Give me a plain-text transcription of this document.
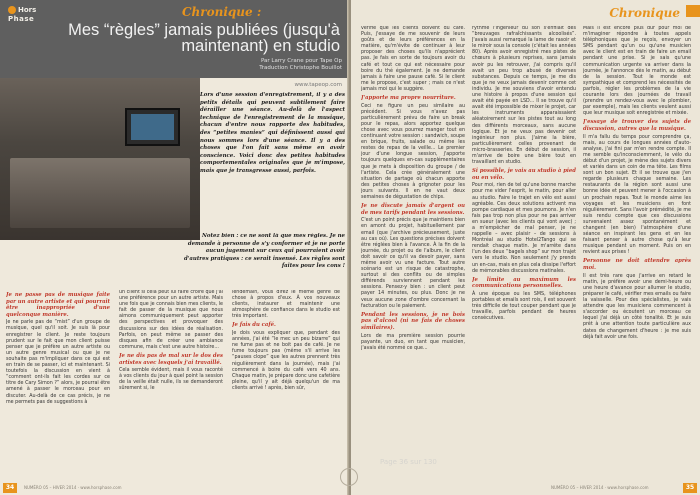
Hors
Phase	Chronique :
Mes “règles” jamais publiées (jusqu'à maintenant) en studio
Par Larry Crane pour Tape Op
Traduction Christophe Bouillot
www.tapeop.com
Lors d'une session d'enregistrement, il y a des petits détails qui peuvent subtilement faire dérailler une séance. Au-delà de l'aspect technique de l'enregistrement de la musique, chacun d'entre nous rapporte des habitudes, des “petites manies” qui définissent aussi qui nous sommes lors d'une séance. Il y a des choses que l'on fait sans même en avoir conscience. Voici donc des petites habitudes comportementales originales que je m'impose, mais que je transgresse aussi, parfois.
Notez bien : ce ne sont là que mes règles. Je ne demande à personne de s'y conformer et je ne porte aucun jugement sur ceux qui pourraient avoir d'autres pratiques : ce serait insensé. Les règles sont faites pour les cons !
Je ne passe pas de musique faite par un autre artiste et qui pourrait être inappropriée d'une quelconque manière.
Je ne parle pas de “mist” d'un groupe de musique, quel qu'il soit. Je suis là pour enregistrer le client. Je reste toujours prudent sur le fait que mon client puisse penser que je préfère un autre artiste ou un autre genre musical ou que je ne souhaite pas m'impliquer dans ce qui est en train de se passer, ici et maintenant. Si toutefois la discussion en vient à “comment ont-ils fait les cordes sur ce titre de Cary Simon ?” alors, je pourrai être amené à passer le morceau pour en discuter. Au-delà de ce cas précis, je ne me permets pas de suggestions à
un client si cela peut lui faire croire que j'ai une préférence pour un autre artiste. Mais une fois que je connais bien mes clients, le fait de passer de la musique que nous aimons communiquement peut apporter des perspectives et provoquer des discussions sur des idées de réalisation. Parfois, on peut même se passer des disques afin de créer une ambiance commune, mais c'est une autre histoire...
Je ne dis pas de mal sur le dos des artistes avec lesquels j'ai travaillé.
Cela semble évident, mais il vous raconté à vos clients du jour à quel point la session de la veille était nulle, ils se demanderont sûrement si, le
lendemain, vous direz le même genre de chose à propos d'eux. À vos nouveaux clients, instaurer et maintenir une atmosphère de confiance dans le studio est très important.
Je fais du café.
Je dois vous expliquer que, pendant des années, j'ai été “le mec un peu bizarre” qui ne fume pas et ne boit pas de café. Je ne fume toujours pas (même s'il arrive les “pauses clope” que les autres prennent très régulièrement dans la journée), mais j'ai commencé à boire du café vers 40 ans. Chaque matin, je prépare donc une cafetière pleine, qu'il y ait déjà quelqu'un de ma clients arrivé ! après, bien sûr,
34	NUMÉRO 05 – HIVER 2014 · www.horsphase.com
Chronique
vérifié que les clients boivent du café. Puis, j'essaye de me souvenir de leurs goûts et de leurs préférences en la matière, qu'm'évite de continuer à leur proposer des choses qu'ils n'apprécient pas. Je fais en sorte de toujours avoir du café et tout ce qui est nécessaire pour boire du thé également. Je ne demande jamais à faire une pause café. Si le client me le propose, c'est super ; mais ce n'est jamais moi qui le suggère.
J'apporte ma propre nourriture.
Ceci ne figure un peu similaire au précédent. Si vous n'avez pas particulièrement prévu de faire un break pour le repas, alors apportez quelque chose avec vous pourrez manger tout en continuant votre session : sandwich, soupe en brique, fruits, salade ou même les restes de repas de la veille... Le premier jour d'une longue session, j'apporte toujours quelques en-cas supplémentaires que je mets à disposition du groupe / de l'artiste. Cela crée généralement une situation de partage où chacun apporte des petites choses à grignoter pour les jours suivants. Il en ne vaut deux semaines de dégustation de chips.
Je ne discute jamais d'argent ou de mes tarifs pendant les sessions.
C'est un point précis que je maintiens bien en amont du projet, habituellement par email (que j'archive précieusement, juste au cas où). Les questions précises doivent être réglées bien à l'avance. À la fin de la journée, du projet ou de l'album, le client doit savoir ce qu'il va devoir payer, sans même avoir vu une facture. Tout autre scénario est un risque de catastrophe, surtout si des conflits ou de simples différends surviennent pendant les sessions. Pensez-y bien : un client peut payer 14 minutes, ou plus. Donc je ne veux aucune zone d'ombre concernant la facturation ou le paiement.
Pendant les sessions, je ne bois pas d'alcool (ni ne fais de choses similaires).
Lors de ma première session pourrie payante, un duo, en tant que musicien, j'avais été nommé ce que...
rythme l'ingénieur du son s'enfilait des “breuvages rafraîchissants alcoolisés”. J'avais aussi remarqué la lame de rasoir et le miroir sous la console (c'était les années 80). Après avoir enregistré mes pistes de chœurs à plusieurs reprises, sans jamais avoir pu les retrouver, j'ai compris qu'il avait un peu trop abusé de diverses substances. Depuis ce temps, je me dis que je ne veux jamais devenir comme cet individu. Je me souviens d'avoir entendu une histoire à propos d'une session qui avait été payée en LSD... Il se trouve qu'il avait été impossible de mixer le projet, car les instruments apparaissaient aléatoirement sur les pistes tout au long des différents morceaux, sans aucune logique. Et je ne veux pas devenir cet ingénieur non plus. J'aime la bière, particulièrement celles provenant de micro-brasseries. En début de session, il m'arrive de boire une bière tout en travaillant en studio.
Si possible, je vais au studio à pied ou en vélo.
Pour moi, rien de tel qu'une bonne marche pour me vider l'esprit, le matin, pour aller au studio. Faire le trajet en vélo est aussi agréable. Ces deux solutions activent ma pompe cardiaque et mes poumons. Je n'en fais pas trop non plus pour ne pas arriver en sueur (avec les clients qui vont avec) ; a m'empêcher de mal penser, je ne rappelle – avec plaisir – de sessions à Montréal au studio Hotel2Tango qui se rendait chaque matin. Je m'arrête dans l'un des deux “bagels shop” sur mon trajet vers le studio. Non seulement j'y prends un en-cas, mais en plus cela dissipe l'effort de mémorables discussions matinales.
Je limite au maximum les communications personnelles.
À une époque ou les SMS, téléphones portables et emails sont rois, il est souvent très difficile de tout couper pendant que je travaille, parfois pendant de heures consécutives.
Mais il est encore plus dur pour moi de m'imaginer répondre à toutes appels téléphoniques que je reçois, envoyer un SMS pendant qu'un ou qu'une musicien avec le client est en train de faire un email pendant une prise. Si je sais qu'une communication urgente va arriver dans la journée, je l'annonce dès le matin, au début de la session. Tout le monde est sympathique et comprend les nécessités de parfois, régler les problèmes de la vie courante lors des journées de travail (prendre un rendez-vous avec le plombier, par exemple), mais les clients veulent aussi que leur musique soit enregistrée et mixée.
J'essaye de trouver des sujets de discussion, autres que la musique.
Il m'a fallu du temps pour comprendre ça, mais, au cours de longues années d'auto-analyse, j'ai fini par m'en rendre compte. Il me semble qu'inconsciemment, le vélo du début d'un projet, je mène des sujets divers et variés dans un coin de ma tête. Les films sont un bon sujet. Et il se trouve que j'en regarde plusieurs chaque semaine. Les restaurants de la région sont aussi une bonne idée et peuvent mener à l'occasion à un prochain repas. Tout le monde aime les voyages et les musiciens en font régulièrement. Sans l'avoir prémédité, je me suis rendu compte que ces discussions survenaient assez spontanément et changent (en bien) l'atmosphère d'une séance en inspirant les gens et en les faisant penser à autre chose qu'à leur musique pendant un moment. Puis on en revient aux prises !
Personne ne doit attendre après moi.
Il est très rare que j'arrive en retard le matin, je préfère avoir une demi-heure ou une heure d'avance pour allumer le studio, préparer le café, vérifier mes emails ou faire la vaisselle. Pour des spécialistes, je vais attendre que les musiciens commencent à s'accorder ou écoutent un morceau ce lequel j'ai déjà un côté tonalité. Et je suis prêt à une attention toute particulière aux dates de changement d'heure : je me suis déjà fait avoir une fois.
NUMÉRO 05 – HIVER 2014 · www.horsphase.com	35
Page 36 sur 130
